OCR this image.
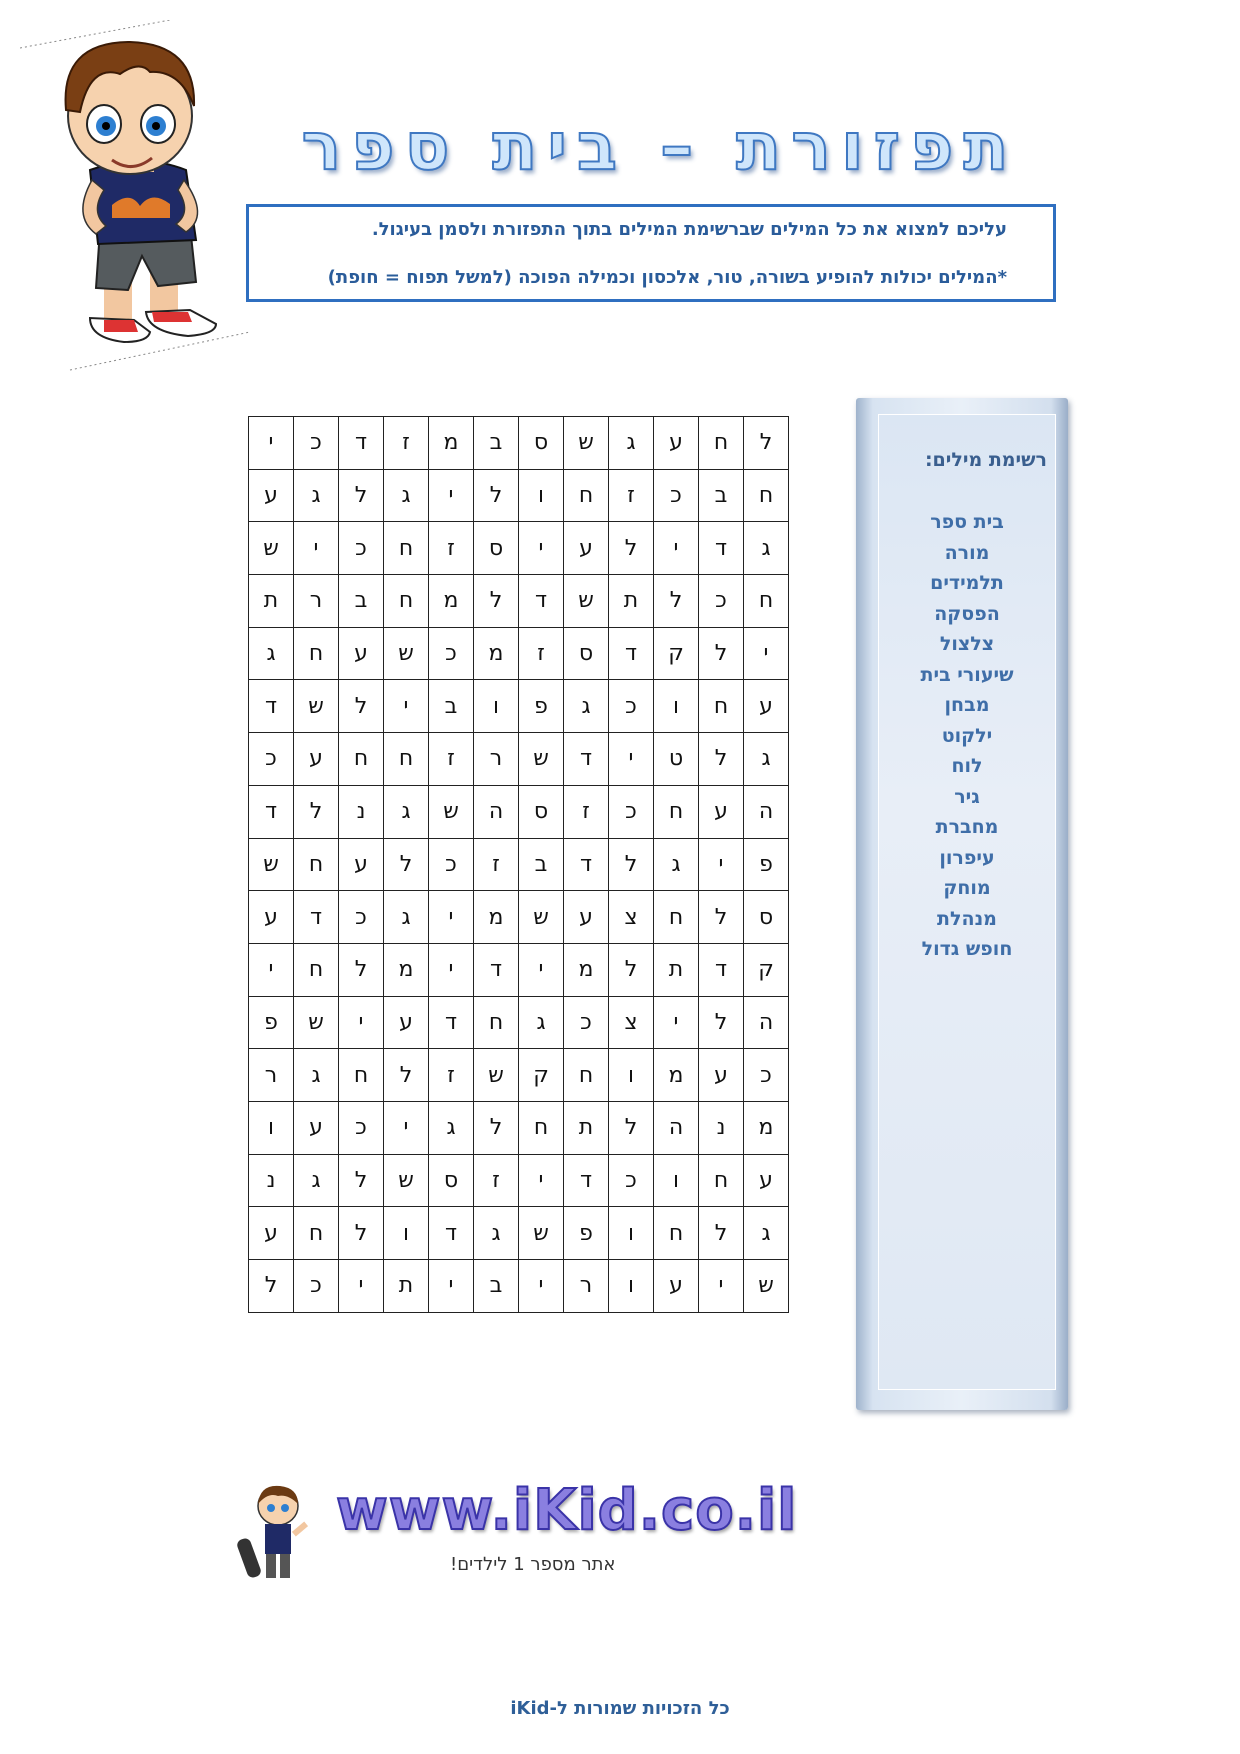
תפזורת – בית ספר

עליכם למצוא את כל המילים שברשימת המילים בתוך התפזורת ולסמן בעיגול.

*המילים יכולות להופיע בשורה, טור, אלכסון וכמילה הפוכה (למשל תפוח = חופת)

ל	ח	ע	ג	ש	ס	ב	מ	ז	ד	כ	י
ח	ב	כ	ז	ח	ו	ל	י	ג	ל	ג	ע
ג	ד	י	ל	ע	י	ס	ז	ח	כ	י	ש
ח	כ	ל	ת	ש	ד	ל	מ	ח	ב	ר	ת
י	ל	ק	ד	ס	ז	מ	כ	ש	ע	ח	ג
ע	ח	ו	כ	ג	פ	ו	ב	י	ל	ש	ד
ג	ל	ט	י	ד	ש	ר	ז	ח	ח	ע	כ
ה	ע	ח	כ	ז	ס	ה	ש	ג	נ	ל	ד
פ	י	ג	ל	ד	ב	ז	כ	ל	ע	ח	ש
ס	ל	ח	צ	ע	ש	מ	י	ג	כ	ד	ע
ק	ד	ת	ל	מ	י	ד	י	מ	ל	ח	י
ה	ל	י	צ	כ	ג	ח	ד	ע	י	ש	פ
כ	ע	מ	ו	ח	ק	ש	ז	ל	ח	ג	ר
מ	נ	ה	ל	ת	ח	ל	ג	י	כ	ע	ו
ע	ח	ו	כ	ד	י	ז	ס	ש	ל	ג	נ
ג	ל	ח	ו	פ	ש	ג	ד	ו	ל	ח	ע
ש	י	ע	ו	ר	י	ב	י	ת	י	כ	ל
רשימת מילים:
בית ספר
מורה
תלמידים
הפסקה
צלצול
שיעורי בית
מבחן
ילקוט
לוח
גיר
מחברת
עיפרון
מוחק
מנהלת
חופש גדול
www.iKid.co.il
אתר מספר 1 לילדים!
כל הזכויות שמורות ל-iKid
